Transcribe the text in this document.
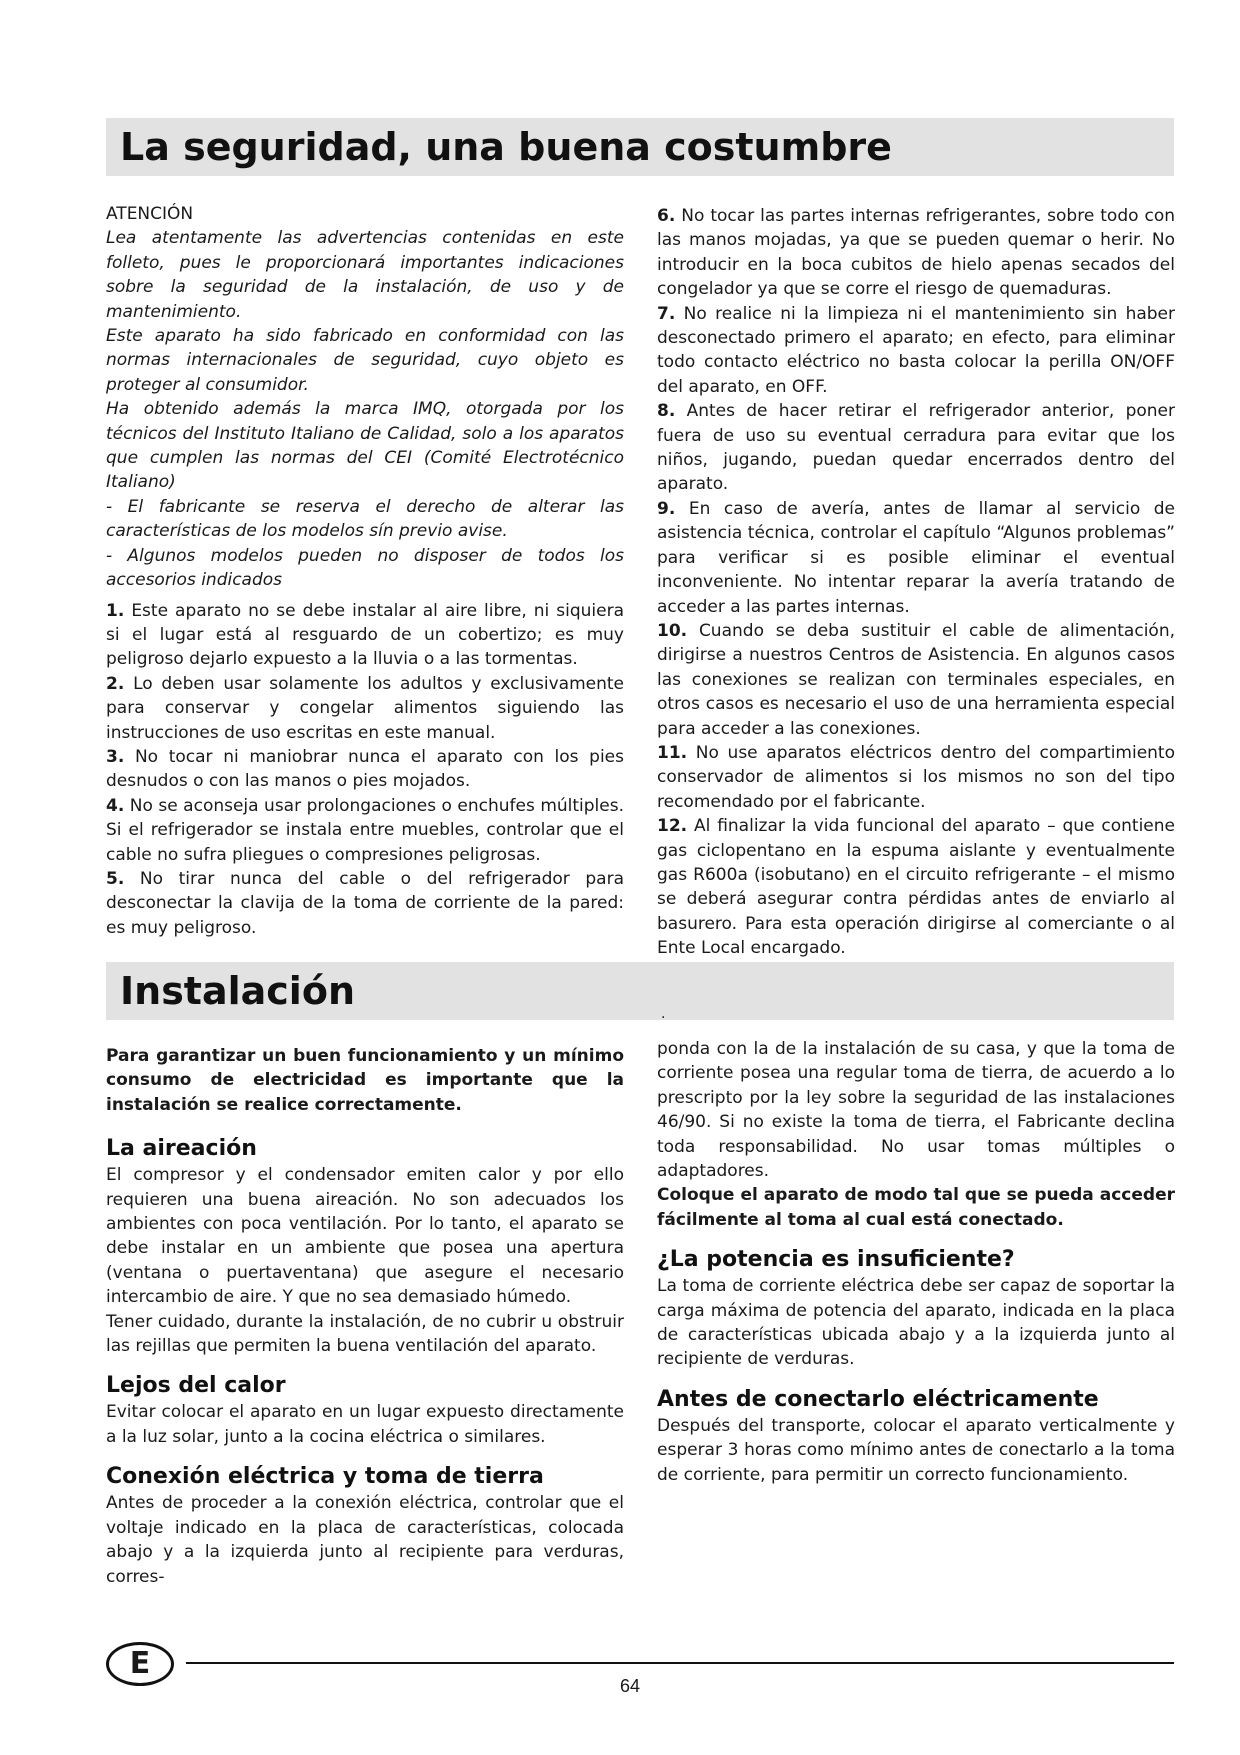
La seguridad, una buena costumbre

ATENCIÓN

Lea atentamente las advertencias contenidas en este folleto, pues le proporcionará importantes indicaciones sobre la seguridad de la instalación, de uso y de mantenimiento.

Este aparato ha sido fabricado en conformidad con las normas internacionales de seguridad, cuyo objeto es proteger al consumidor.

Ha obtenido además la marca IMQ, otorgada por los técnicos del Instituto Italiano de Calidad, solo a los aparatos que cumplen las normas del CEI (Comité Electrotécnico Italiano)

- El fabricante se reserva el derecho de alterar las características de los modelos sín previo avise.

- Algunos modelos pueden no disposer de todos los accesorios indicados

1. Este aparato no se debe instalar al aire libre, ni siquiera si el lugar está al resguardo de un cobertizo; es muy peligroso dejarlo expuesto a la lluvia o a las tormentas.

2. Lo deben usar solamente los adultos y exclusivamente para conservar y congelar alimentos siguiendo las instrucciones de uso escritas en este manual.

3. No tocar ni maniobrar nunca el aparato con los pies desnudos o con las manos o pies mojados.

4. No se aconseja usar prolongaciones o enchufes múltiples. Si el refrigerador se instala entre muebles, controlar que el cable no sufra pliegues o compresiones peligrosas.

5. No tirar nunca del cable o del refrigerador para desconectar la clavija de la toma de corriente de la pared: es muy peligroso.

6. No tocar las partes internas refrigerantes, sobre todo con las manos mojadas, ya que se pueden quemar o herir. No introducir en la boca cubitos de hielo apenas secados del congelador ya que se corre el riesgo de quemaduras.

7. No realice ni la limpieza ni el mantenimiento sin haber desconectado primero el aparato; en efecto, para eliminar todo contacto eléctrico no basta colocar la perilla ON/OFF del aparato, en OFF.

8. Antes de hacer retirar el refrigerador anterior, poner fuera de uso su eventual cerradura para evitar que los niños, jugando, puedan quedar encerrados dentro del aparato.

9. En caso de avería, antes de llamar al servicio de asistencia técnica, controlar el capítulo “Algunos problemas” para verificar si es posible eliminar el eventual inconveniente. No intentar reparar la avería tratando de acceder a las partes internas.

10. Cuando se deba sustituir el cable de alimentación, dirigirse a nuestros Centros de Asistencia. En algunos casos las conexiones se realizan con terminales especiales, en otros casos es necesario el uso de una herramienta especial para acceder a las conexiones.

11. No use aparatos eléctricos dentro del compartimiento conservador de alimentos si los mismos no son del tipo recomendado por el fabricante.

12. Al finalizar la vida funcional del aparato – que contiene gas ciclopentano en la espuma aislante y eventualmente gas R600a (isobutano) en el circuito refrigerante – el mismo se deberá asegurar contra pérdidas antes de enviarlo al basurero. Para esta operación dirigirse al comerciante o al Ente Local encargado.

Instalación
.

Para garantizar un buen funcionamiento y un mínimo consumo de electricidad es importante que la instalación se realice correctamente.

La aireación

El compresor y el condensador emiten calor y por ello requieren una buena aireación. No son adecuados los ambientes con poca ventilación. Por lo tanto, el aparato se debe instalar en un ambiente que posea una apertura (ventana o puertaventana) que asegure el necesario intercambio de aire. Y que no sea demasiado húmedo.

Tener cuidado, durante la instalación, de no cubrir u obstruir las rejillas que permiten la buena ventilación del aparato.

Lejos del calor

Evitar colocar el aparato en un lugar expuesto directamente a la luz solar, junto a la cocina eléctrica o similares.

Conexión eléctrica y toma de tierra

Antes de proceder a la conexión eléctrica, controlar que el voltaje indicado en la placa de características, colocada abajo y a la izquierda junto al recipiente para verduras, corres-

ponda con la de la instalación de su casa, y que la toma de corriente posea una regular toma de tierra, de acuerdo a lo prescripto por la ley sobre la seguridad de las instalaciones 46/90. Si no existe la toma de tierra, el Fabricante declina toda responsabilidad. No usar tomas múltiples o adaptadores.

Coloque el aparato de modo tal que se pueda acceder fácilmente al toma al cual está conectado.

¿La potencia es insuficiente?

La toma de corriente eléctrica debe ser capaz de soportar la carga máxima de potencia del aparato, indicada en la placa de características ubicada abajo y a la izquierda junto al recipiente de verduras.

Antes de conectarlo eléctricamente

Después del transporte, colocar el aparato verticalmente y esperar 3 horas como mínimo antes de conectarlo a la toma de corriente, para permitir un correcto funcionamiento.

E
64
